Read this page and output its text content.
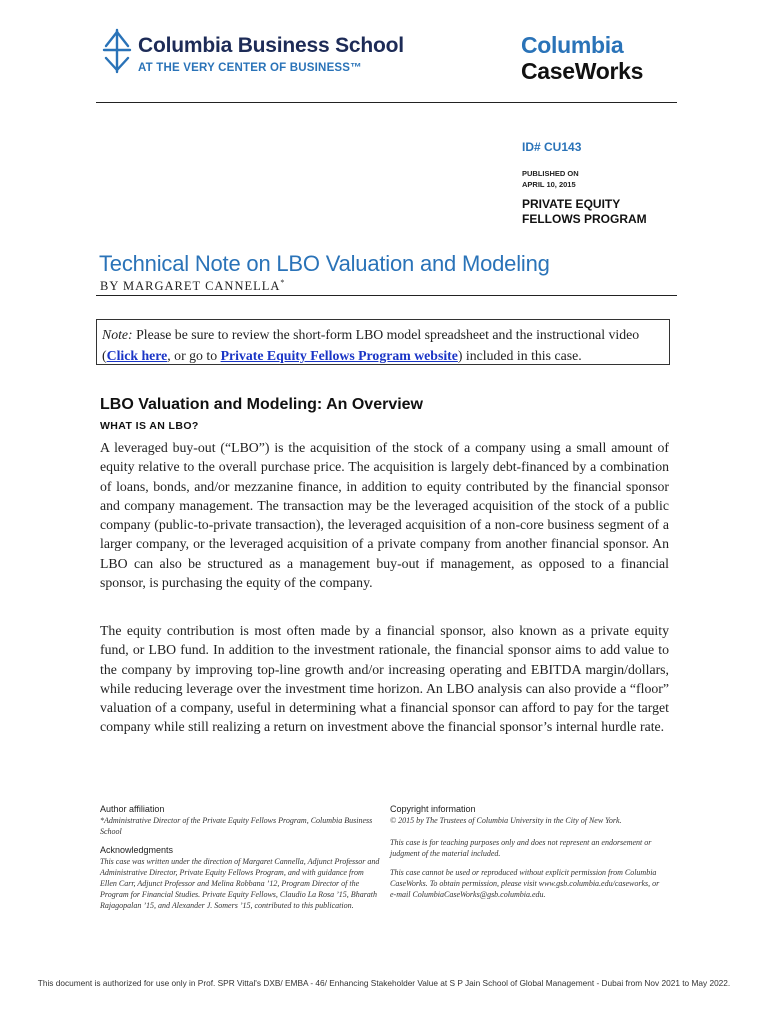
Columbia Business School
AT THE VERY CENTER OF BUSINESS™
Columbia
CaseWorks
ID# CU143
PUBLISHED ON
APRIL 10, 2015
PRIVATE EQUITY
FELLOWS PROGRAM
Technical Note on LBO Valuation and Modeling
BY MARGARET CANNELLA*
Note: Please be sure to review the short-form LBO model spreadsheet and the instructional video (Click here, or go to Private Equity Fellows Program website) included in this case.
LBO Valuation and Modeling: An Overview
WHAT IS AN LBO?

A leveraged buy-out (“LBO”) is the acquisition of the stock of a company using a small amount of equity relative to the overall purchase price. The acquisition is largely debt-financed by a combination of loans, bonds, and/or mezzanine finance, in addition to equity contributed by the financial sponsor and company management. The transaction may be the leveraged acquisition of the stock of a public company (public-to-private transaction), the leveraged acquisition of a non-core business segment of a larger company, or the leveraged acquisition of a private company from another financial sponsor. An LBO can also be structured as a management buy-out if management, as opposed to a financial sponsor, is purchasing the equity of the company.

The equity contribution is most often made by a financial sponsor, also known as a private equity fund, or LBO fund. In addition to the investment rationale, the financial sponsor aims to add value to the company by improving top-line growth and/or increasing operating and EBITDA margin/dollars, while reducing leverage over the investment time horizon. An LBO analysis can also provide a “floor” valuation of a company, useful in determining what a financial sponsor can afford to pay for the target company while still realizing a return on investment above the financial sponsor’s internal hurdle rate.

Author affiliation

*Administrative Director of the Private Equity Fellows Program, Columbia Business School

Acknowledgments

This case was written under the direction of Margaret Cannella, Adjunct Professor and Administrative Director, Private Equity Fellows Program, and with guidance from Ellen Carr, Adjunct Professor and Melina Robbana ’12, Program Director of the Program for Financial Studies. Private Equity Fellows, Claudio La Rosa ’15, Bharath Rajagopalan ’15, and Alexander J. Somers ’15, contributed to this publication.

Copyright information

© 2015 by The Trustees of Columbia University in the City of New York.

This case is for teaching purposes only and does not represent an endorsement or judgment of the material included.

This case cannot be used or reproduced without explicit permission from Columbia CaseWorks. To obtain permission, please visit www.gsb.columbia.edu/caseworks, or e-mail ColumbiaCaseWorks@gsb.columbia.edu.

This document is authorized for use only in Prof. SPR Vittal's DXB/ EMBA - 46/ Enhancing Stakeholder Value at S P Jain School of Global Management - Dubai from Nov 2021 to May 2022.
